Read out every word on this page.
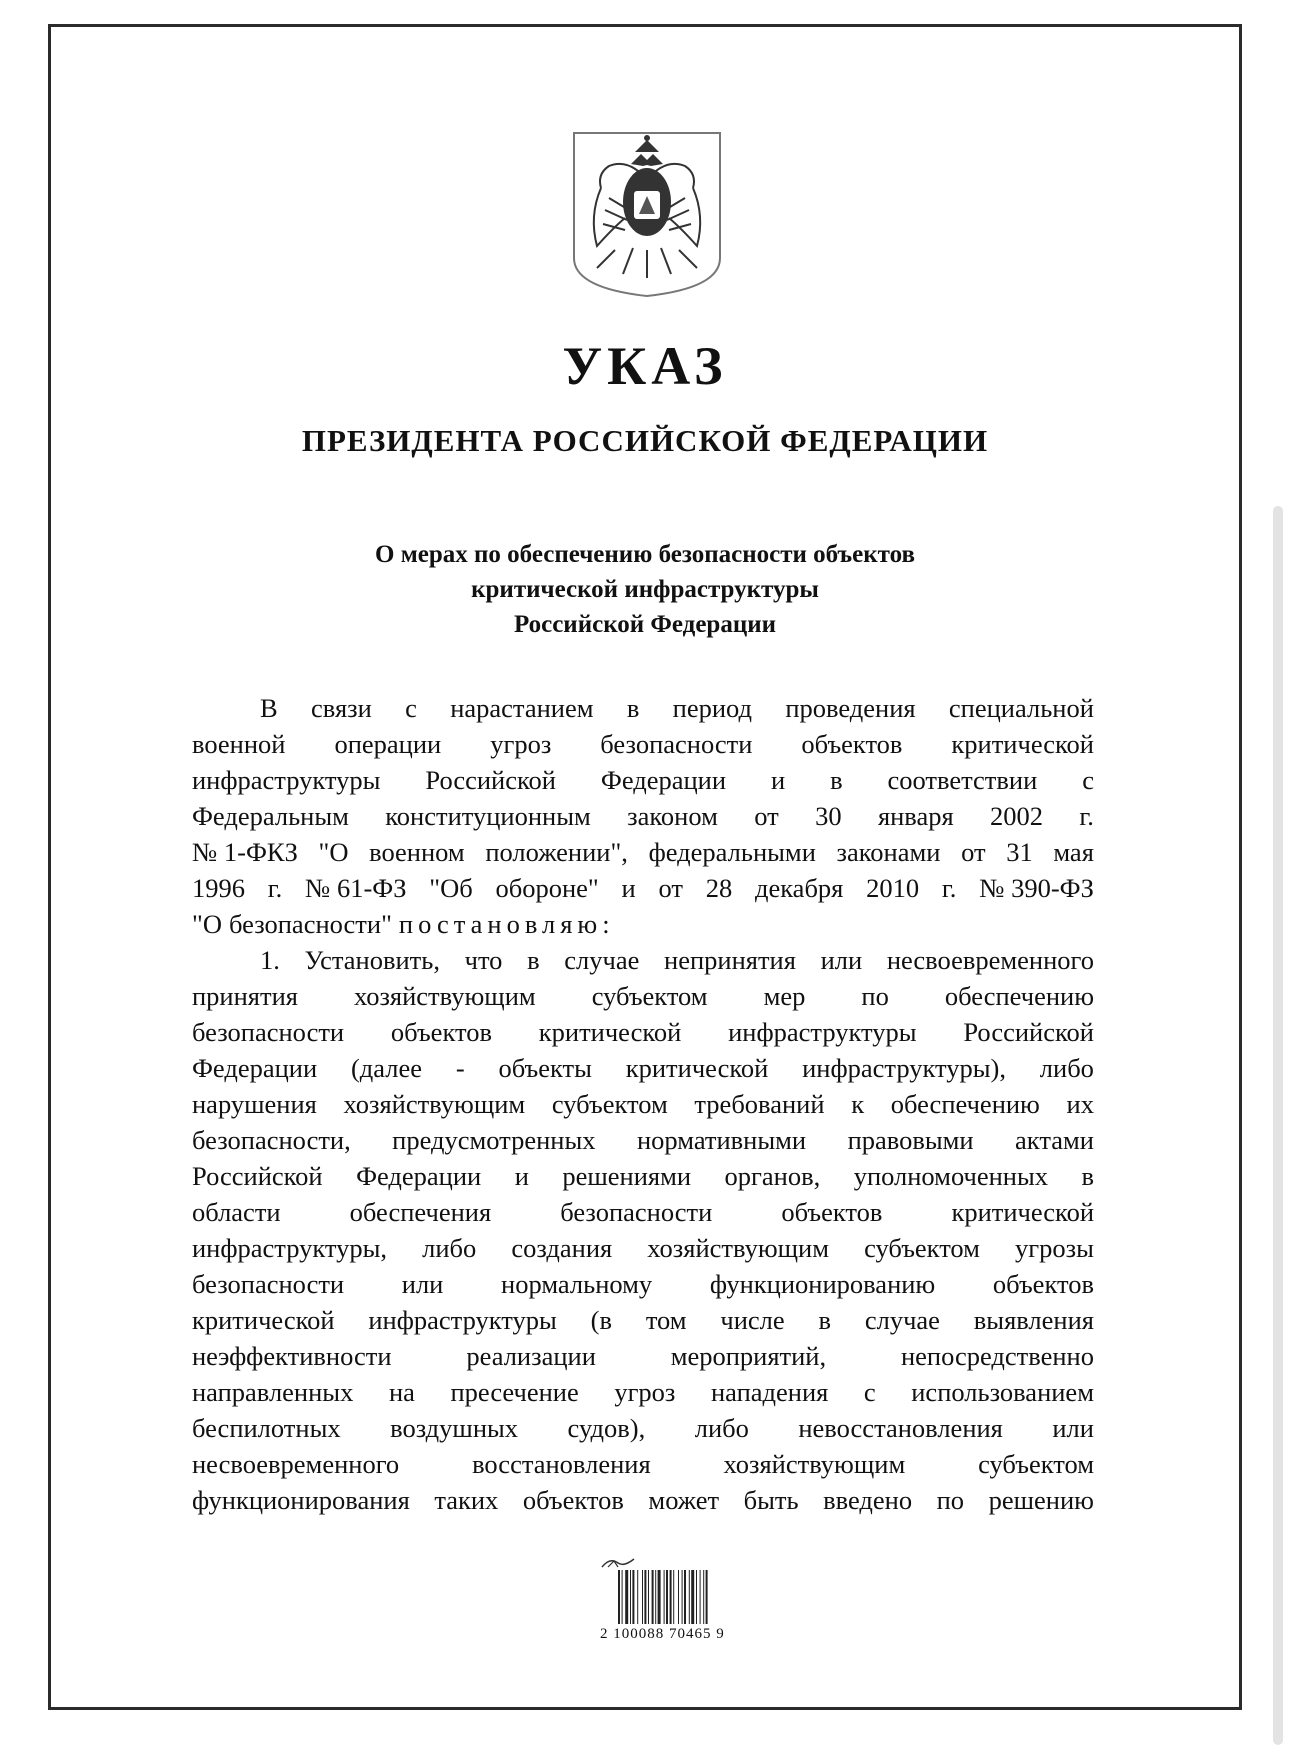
УКАЗ
ПРЕЗИДЕНТА РОССИЙСКОЙ ФЕДЕРАЦИИ
О мерах по обеспечению безопасности объектов
критической инфраструктуры
Российской Федерации
В связи с нарастанием в период проведения специальной
военной операции угроз безопасности объектов критической
инфраструктуры Российской Федерации и в соответствии с
Федеральным конституционным законом от 30 января 2002 г.
№ 1-ФКЗ "О военном положении", федеральными законами от 31 мая
1996 г. № 61-ФЗ "Об обороне" и от 28 декабря 2010 г. № 390-ФЗ
"О безопасности" постановляю:
1. Установить, что в случае непринятия или несвоевременного
принятия хозяйствующим субъектом мер по обеспечению
безопасности объектов критической инфраструктуры Российской
Федерации (далее - объекты критической инфраструктуры), либо
нарушения хозяйствующим субъектом требований к обеспечению их
безопасности, предусмотренных нормативными правовыми актами
Российской Федерации и решениями органов, уполномоченных в
области	обеспечения	безопасности	объектов	критической
инфраструктуры, либо создания хозяйствующим субъектом угрозы
безопасности или нормальному функционированию объектов
критической инфраструктуры (в том числе в случае выявления
неэффективности	реализации	мероприятий,	непосредственно
направленных на пресечение угроз нападения с использованием
беспилотных воздушных судов), либо невосстановления или
несвоевременного	восстановления	хозяйствующим	субъектом
функционирования таких объектов может быть введено по решению
2 100088 70465 9
